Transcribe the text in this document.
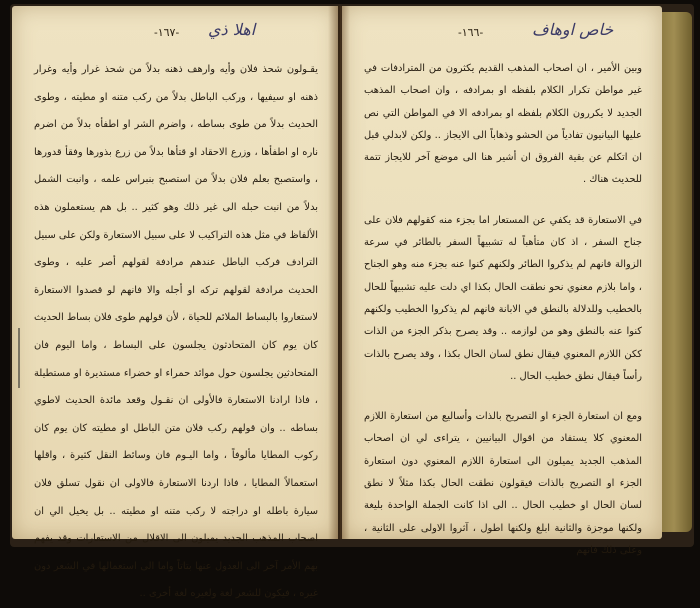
-١٦٧- اهلا ذي

يقـولون شحذ فلان وأيه وارهف ذهنه بدلاً من شحذ غرار وأيه وغرار ذهنه او سيفيها ، وركب الباطل بدلاً من ركب متنه او مطيته ، وطوى الحديث بدلاً من طوى بساطه ، واضرم الشر او اطفأه بدلاً من اضرم ناره او اطفأها ، وزرع الاحقاد او قتأها بدلاً من زرع بذورها وفقأ قدورها ، واستصبح بعلم فلان بدلاً من استصبح بنبراس علمه ، وانبت الشمل بدلاً من انبت حبله الى غير ذلك وهو كثير .. بل هم يستعملون هذه الألفاظ في مثل هذه التراكيب لا على سبيل الاستعارة ولكن على سبيل الترادف فركب الباطل عندهم مرادفة لقولهم أصر عليه ، وطوى الحديث مرادفة لقولهم تركه او أجله والا فانهم لو قصدوا الاستعارة لاستعاروا بالبساط الملائم للحياة ، لأن قولهم طوى فلان بساط الحديث كان يوم كان المتحادثون يجلسون على البساط ، واما اليوم فان المتحادثين يجلسون حول موائد حمراء او خضراء مستديرة او مستطيلة ، فاذا ارادنا الاستعارة فالأولى ان نقـول وقعد مائدة الحديث لاطوي بساطه .. وان قولهم ركب فلان متن الباطل او مطيته كان يوم كان ركوب المطايا مألوفاً ، واما اليـوم فان وسائط النقل كثيرة ، واقلها استعمالاً المطايا ، فاذا اردنا الاستعارة فالاولى ان نقول تسلق فلان سيارة باطله او دراجته لا ركب متنه او مطيته .. بل يخيل الي ان اصحاب المذهب الجديد يميلون الى الاقلال من الاستعارات وقد يفهم بهم الأمر آخر الى العدول عنها بتاتاً واما الى استعمالها في الشعر دون غيره ، فيكون للشعر لغة ولغيره لغة أخرى ..

-١٦٦-	خاص اوهاف

وبين الأمير ، ان اصحاب المذهب القديم يكثرون من المترادفات في غير مواطن تكرار الكلام بلفظه او بمرادفه ، وان اصحاب المذهب الجديد لا يكررون الكلام بلفظه او بمرادفه الا في المواطن التي نص عليها البيانيون تفادياً من الحشو وذهاباً الى الايجاز .. ولكن لابدلي قبل ان اتكلم عن بقية الفروق ان أشير هنا الى موضع آخر للايجاز تتمة للحديث هناك .

في الاستعارة قد يكفي عن المستعار اما بجزء منه كقولهم فلان على جناح السفر ، اذ كان متأهباً له تشبيهاً السفر بالطائر في سرعة الزوالة فانهم لم يذكروا الطائر ولكنهم كنوا عنه بجزء منه وهو الجناح ، واما بلازم معنوي نحو نطقت الحال بكذا اي دلت عليه تشبيهاً للحال بالخطيب وللدلالة بالنطق في الابانة فانهم لم يذكروا الخطيب ولكنهم كنوا عنه بالنطق وهو من لوازمه .. وقد يصرح بذكر الجزء من الذات ككن اللازم المعنوي فيقال نطق لسان الحال بكذا ، وقد يصرح بالذات رأساً فيقال نطق خطيب الحال ..

ومع ان استعارة الجزء او التصريح بالذات وأساليع من استعارة اللازم المعنوي كلا يستفاد من اقوال البيانيين ، يتراءى لي ان اصحاب المذهب الجديد يميلون الى استعارة اللازم المعنوي دون استعارة الجزء او التصريح بالذات فيقولون نطقت الحال بكذا مثلاً لا نطق لسان الحال او خطيب الحال .. الى اذا كانت الجملة الواحدة بليغة ولكنها موجزة والثانية ابلغ ولكنها اطول ، آثروا الاولى على الثانية ، وعلى ذلك فانهم
